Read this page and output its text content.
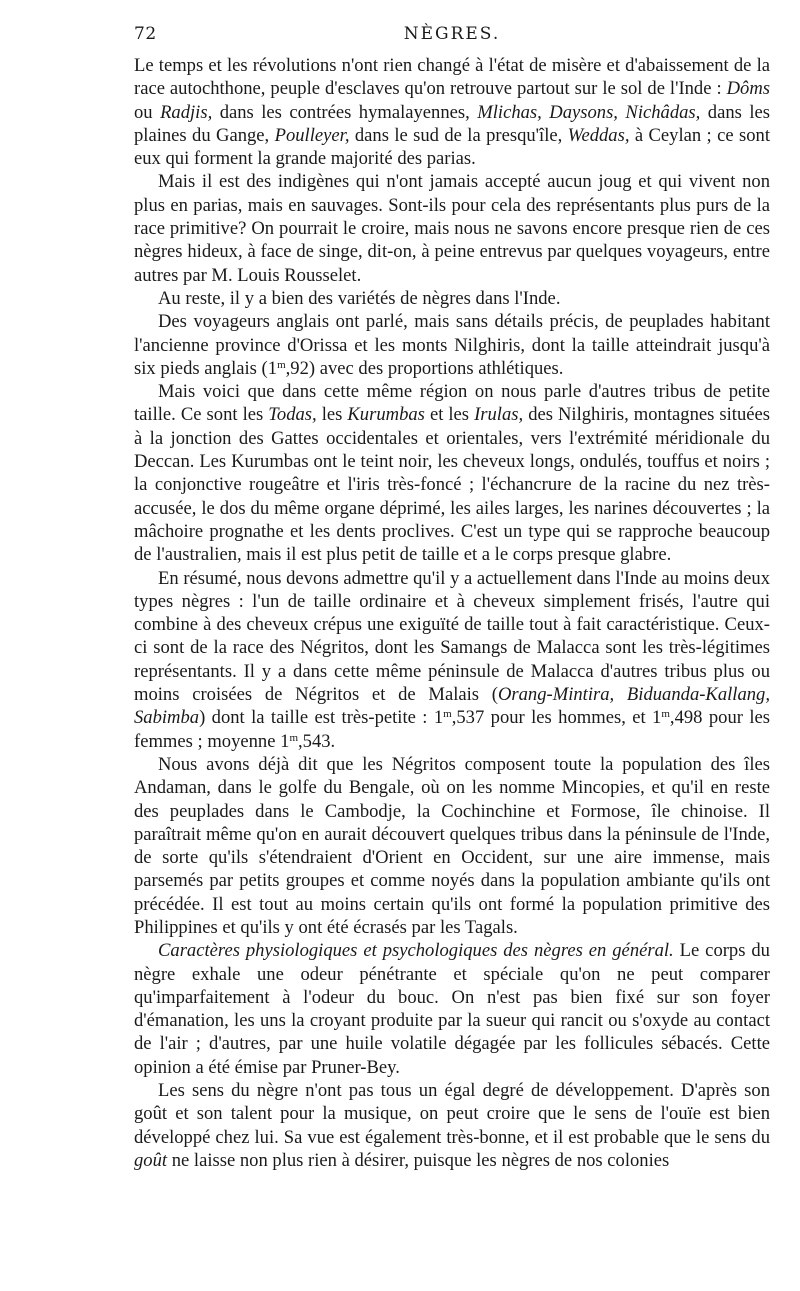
72	NÈGRES.

Le temps et les révolutions n'ont rien changé à l'état de misère et d'abaissement de la race autochthone, peuple d'esclaves qu'on retrouve partout sur le sol de l'Inde : Dôms ou Radjis, dans les contrées hymalayennes, Mlichas, Daysons, Nichâdas, dans les plaines du Gange, Poulleyer, dans le sud de la presqu'île, Weddas, à Ceylan ; ce sont eux qui forment la grande majorité des parias.

Mais il est des indigènes qui n'ont jamais accepté aucun joug et qui vivent non plus en parias, mais en sauvages. Sont-ils pour cela des représentants plus purs de la race primitive? On pourrait le croire, mais nous ne savons encore presque rien de ces nègres hideux, à face de singe, dit-on, à peine entrevus par quelques voyageurs, entre autres par M. Louis Rousselet.

Au reste, il y a bien des variétés de nègres dans l'Inde.

Des voyageurs anglais ont parlé, mais sans détails précis, de peuplades habitant l'ancienne province d'Orissa et les monts Nilghiris, dont la taille atteindrait jusqu'à six pieds anglais (1$^m$,92) avec des proportions athlétiques.

Mais voici que dans cette même région on nous parle d'autres tribus de petite taille. Ce sont les Todas, les Kurumbas et les Irulas, des Nilghiris, montagnes situées à la jonction des Gattes occidentales et orientales, vers l'extrémité méridionale du Deccan. Les Kurumbas ont le teint noir, les cheveux longs, ondulés, touffus et noirs ; la conjonctive rougeâtre et l'iris très-foncé ; l'échancrure de la racine du nez très-accusée, le dos du même organe déprimé, les ailes larges, les narines découvertes ; la mâchoire prognathe et les dents proclives. C'est un type qui se rapproche beaucoup de l'australien, mais il est plus petit de taille et a le corps presque glabre.

En résumé, nous devons admettre qu'il y a actuellement dans l'Inde au moins deux types nègres : l'un de taille ordinaire et à cheveux simplement frisés, l'autre qui combine à des cheveux crépus une exiguïté de taille tout à fait caractéristique. Ceux-ci sont de la race des Négritos, dont les Samangs de Malacca sont les très-légitimes représentants. Il y a dans cette même péninsule de Malacca d'autres tribus plus ou moins croisées de Négritos et de Malais (Orang-Mintira, Biduanda-Kallang, Sabimba) dont la taille est très-petite : 1$^m$,537 pour les hommes, et 1$^m$,498 pour les femmes ; moyenne 1$^m$,543.

Nous avons déjà dit que les Négritos composent toute la population des îles Andaman, dans le golfe du Bengale, où on les nomme Mincopies, et qu'il en reste des peuplades dans le Cambodje, la Cochinchine et Formose, île chinoise. Il paraîtrait même qu'on en aurait découvert quelques tribus dans la péninsule de l'Inde, de sorte qu'ils s'étendraient d'Orient en Occident, sur une aire immense, mais parsemés par petits groupes et comme noyés dans la population ambiante qu'ils ont précédée. Il est tout au moins certain qu'ils ont formé la population primitive des Philippines et qu'ils y ont été écrasés par les Tagals.

Caractères physiologiques et psychologiques des nègres en général. Le corps du nègre exhale une odeur pénétrante et spéciale qu'on ne peut comparer qu'imparfaitement à l'odeur du bouc. On n'est pas bien fixé sur son foyer d'émanation, les uns la croyant produite par la sueur qui rancit ou s'oxyde au contact de l'air ; d'autres, par une huile volatile dégagée par les follicules sébacés. Cette opinion a été émise par Pruner-Bey.

Les sens du nègre n'ont pas tous un égal degré de développement. D'après son goût et son talent pour la musique, on peut croire que le sens de l'ouïe est bien développé chez lui. Sa vue est également très-bonne, et il est probable que le sens du goût ne laisse non plus rien à désirer, puisque les nègres de nos colonies
